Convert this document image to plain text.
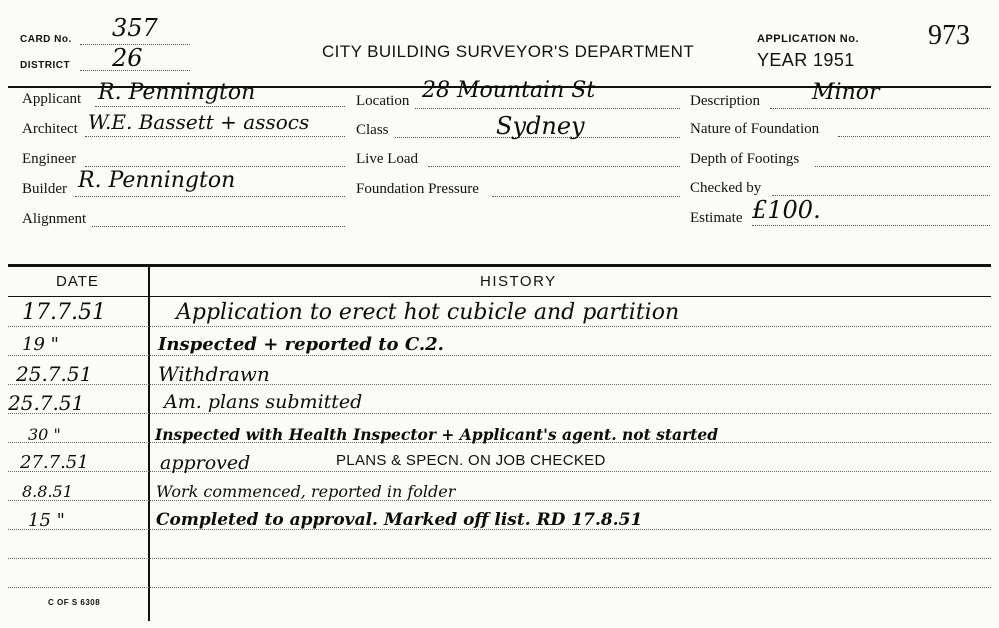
CARD No. 357
DISTRICT 26	CITY BUILDING SURVEYOR'S DEPARTMENT
APPLICATION No. 973
YEAR 1951
Applicant R. Pennington
Architect W.E. Bassett + assocs
Engineer
Builder R. Pennington
Alignment
Location 28 Mountain St
Class	Sydney
Live Load
Foundation Pressure
Description Minor
Nature of Foundation
Depth of Footings
Checked by
Estimate £100.
DATE	HISTORY
17.7.51	Application to erect hot cubicle and partition
19 "	Inspected + reported to C.2.
25.7.51	Withdrawn
25.7.51	Am. plans submitted
30 "	Inspected with Health Inspector + Applicant's agent. not started
27.7.51	approved	PLANS & SPECN. ON JOB CHECKED
8.8.51	Work commenced, reported in folder
15 "	Completed to approval. Marked off list. RD 17.8.51
C OF S 6308
